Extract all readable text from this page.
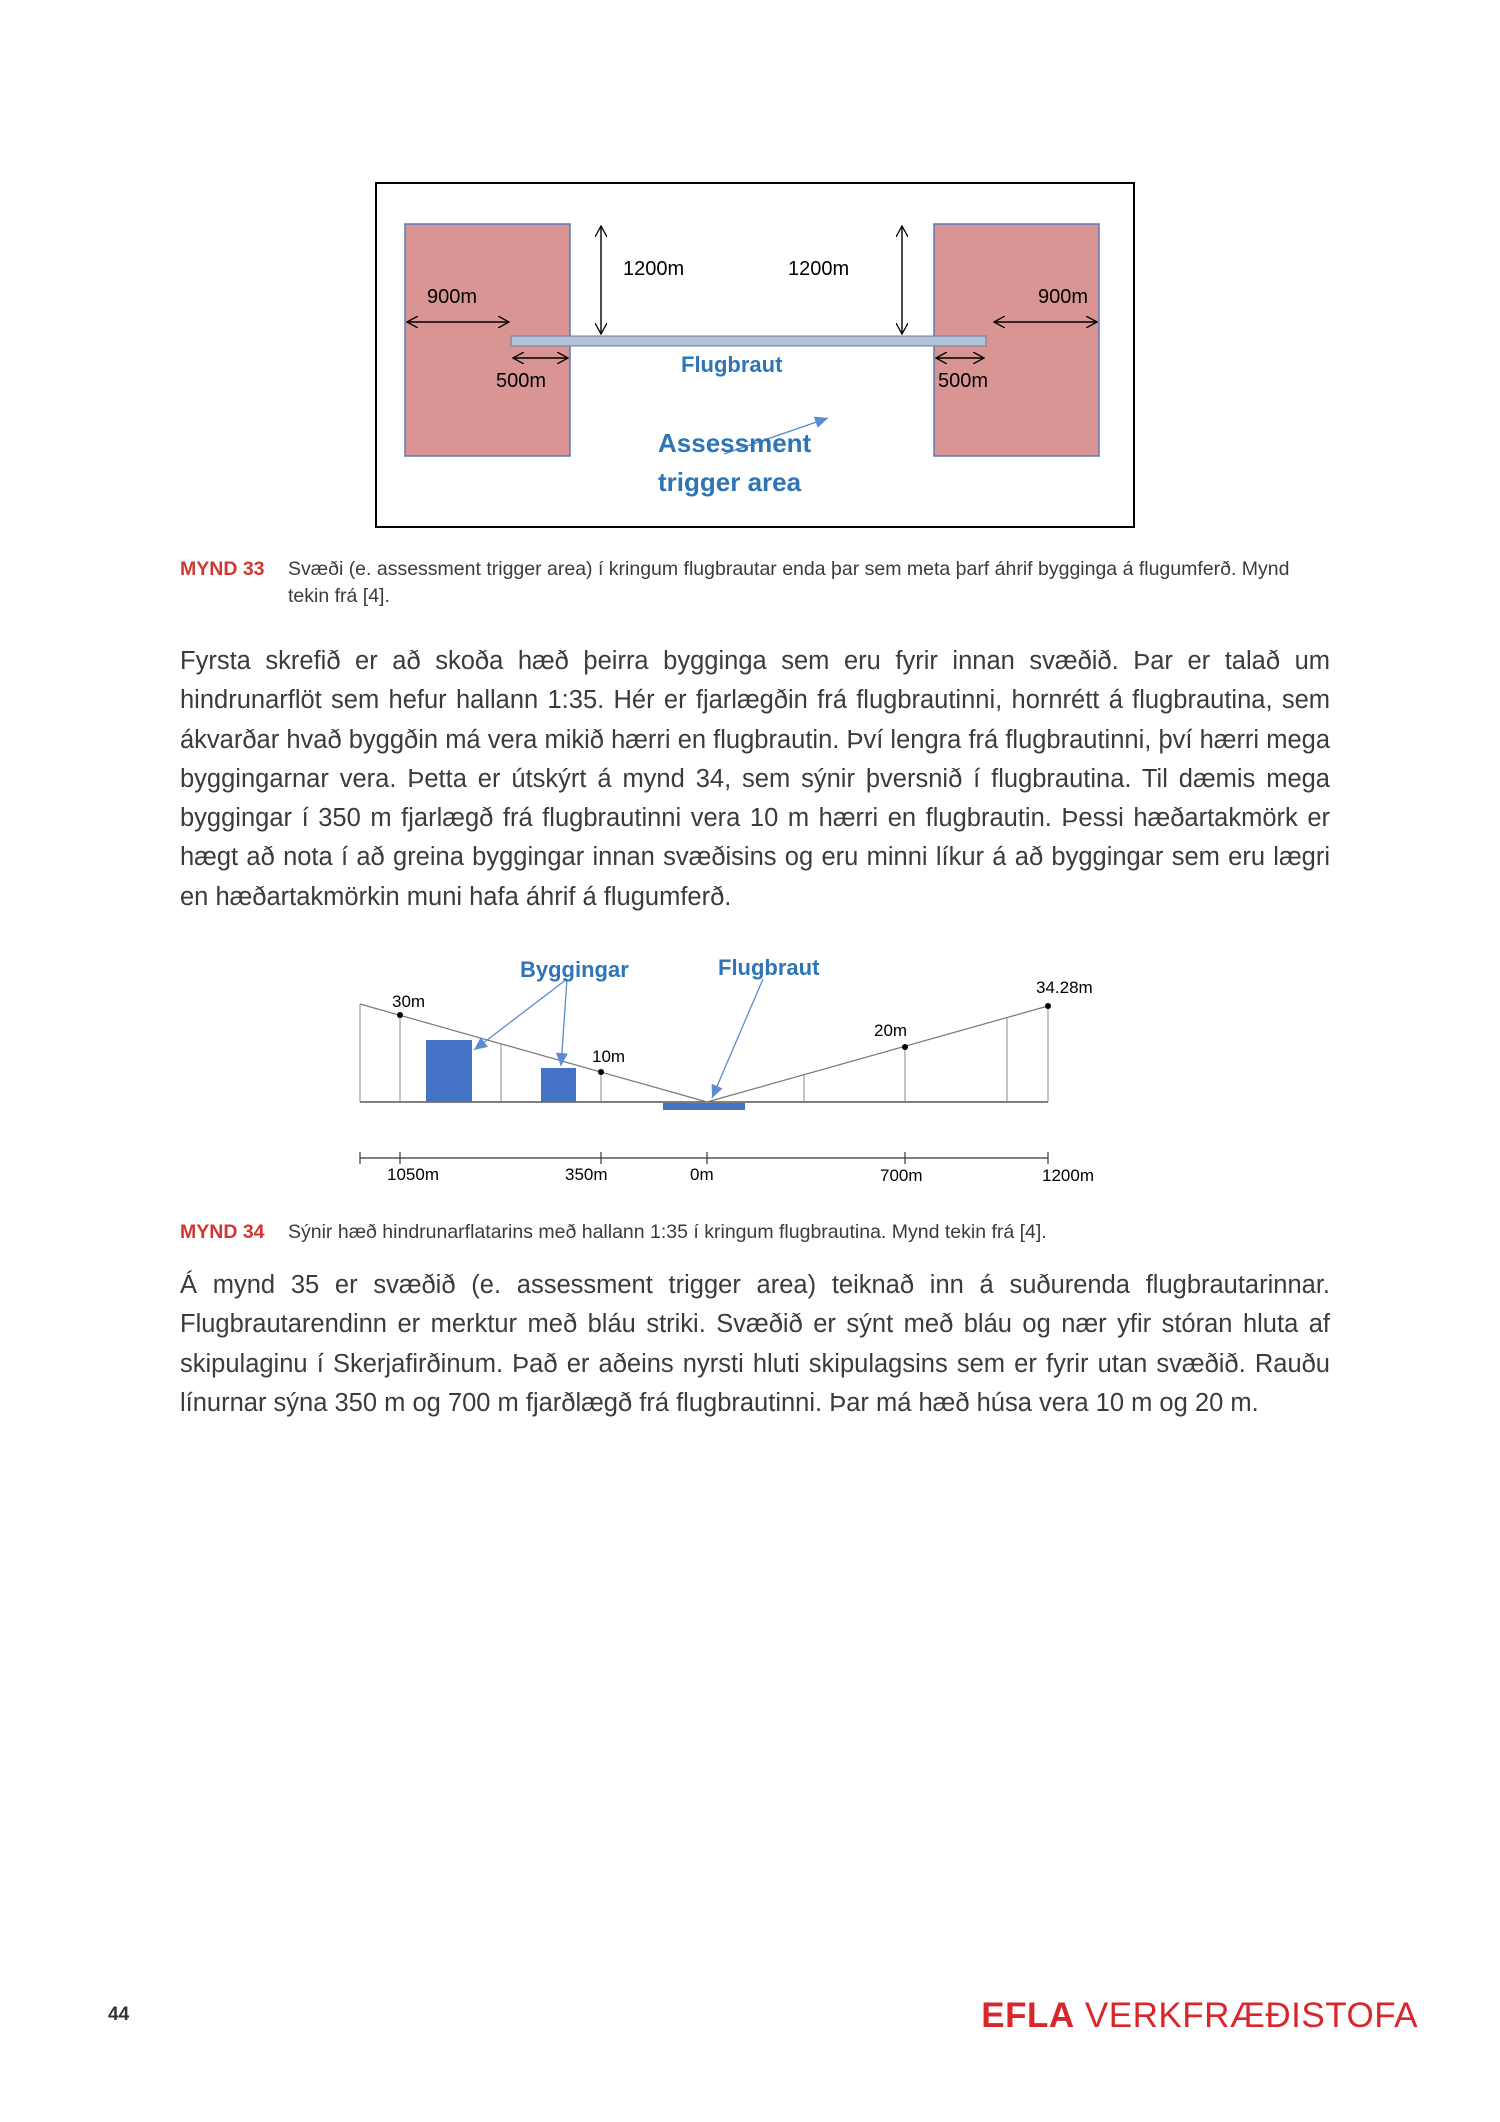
900m	900m
1200m	1200m
500m	500m
Flugbraut
Assessment
trigger area
MYND 33	Svæði (e. assessment trigger area) í kringum flugbrautar enda þar sem meta þarf áhrif bygginga á flugumferð. Mynd tekin frá [4].

Fyrsta skrefið er að skoða hæð þeirra bygginga sem eru fyrir innan svæðið. Þar er talað um hindrunarflöt sem hefur hallann 1:35. Hér er fjarlægðin frá flugbrautinni, hornrétt á flugbrautina, sem ákvarðar hvað byggðin má vera mikið hærri en flugbrautin. Því lengra frá flugbrautinni, því hærri mega byggingarnar vera. Þetta er útskýrt á mynd 34, sem sýnir þversnið í flugbrautina. Til dæmis mega byggingar í 350 m fjarlægð frá flugbrautinni vera 10 m hærri en flugbrautin. Þessi hæðartakmörk er hægt að nota í að greina byggingar innan svæðisins og eru minni líkur á að byggingar sem eru lægri en hæðartakmörkin muni hafa áhrif á flugumferð.

Byggingar	Flugbraut
30m
10m
20m
34.28m
1050m	350m	0m	700m	1200m
MYND 34	Sýnir hæð hindrunarflatarins með hallann 1:35 í kringum flugbrautina. Mynd tekin frá [4].

Á mynd 35 er svæðið (e. assessment trigger area) teiknað inn á suðurenda flugbrautarinnar. Flugbrautarendinn er merktur með bláu striki. Svæðið er sýnt með bláu og nær yfir stóran hluta af skipulaginu í Skerjafirðinum. Það er aðeins nyrsti hluti skipulagsins sem er fyrir utan svæðið. Rauðu línurnar sýna 350 m og 700 m fjarðlægð frá flugbrautinni. Þar má hæð húsa vera 10 m og 20 m.

44	EFLA VERKFRÆÐISTOFA
